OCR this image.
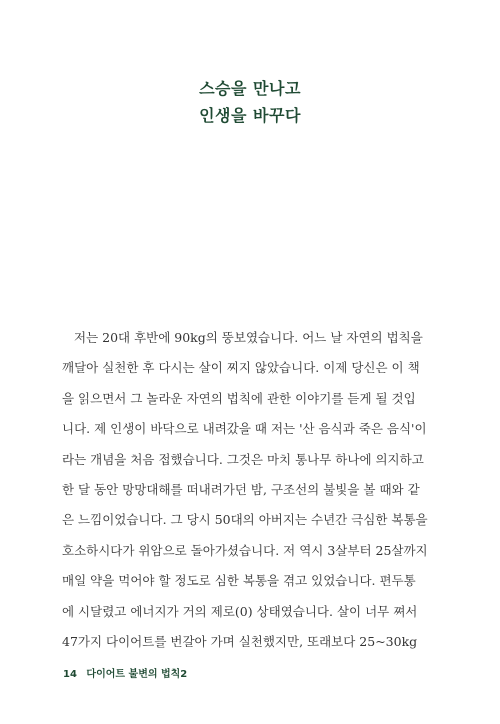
스승을 만나고
인생을 바꾸다
저는 20대 후반에 90kg의 뚱보였습니다. 어느 날 자연의 법칙을
깨달아 실천한 후 다시는 살이 찌지 않았습니다. 이제 당신은 이 책
을 읽으면서 그 놀라운 자연의 법칙에 관한 이야기를 듣게 될 것입
니다. 제 인생이 바닥으로 내려갔을 때 저는 '산 음식과 죽은 음식'이
라는 개념을 처음 접했습니다. 그것은 마치 통나무 하나에 의지하고
한 달 동안 망망대해를 떠내려가던 밤, 구조선의 불빛을 볼 때와 같
은 느낌이었습니다. 그 당시 50대의 아버지는 수년간 극심한 복통을
호소하시다가 위암으로 돌아가셨습니다. 저 역시 3살부터 25살까지
매일 약을 먹어야 할 정도로 심한 복통을 겪고 있었습니다. 편두통
에 시달렸고 에너지가 거의 제로(0) 상태였습니다. 살이 너무 쪄서
47가지 다이어트를 번갈아 가며 실천했지만, 또래보다 25~30kg
14 다이어트 불변의 법칙2
